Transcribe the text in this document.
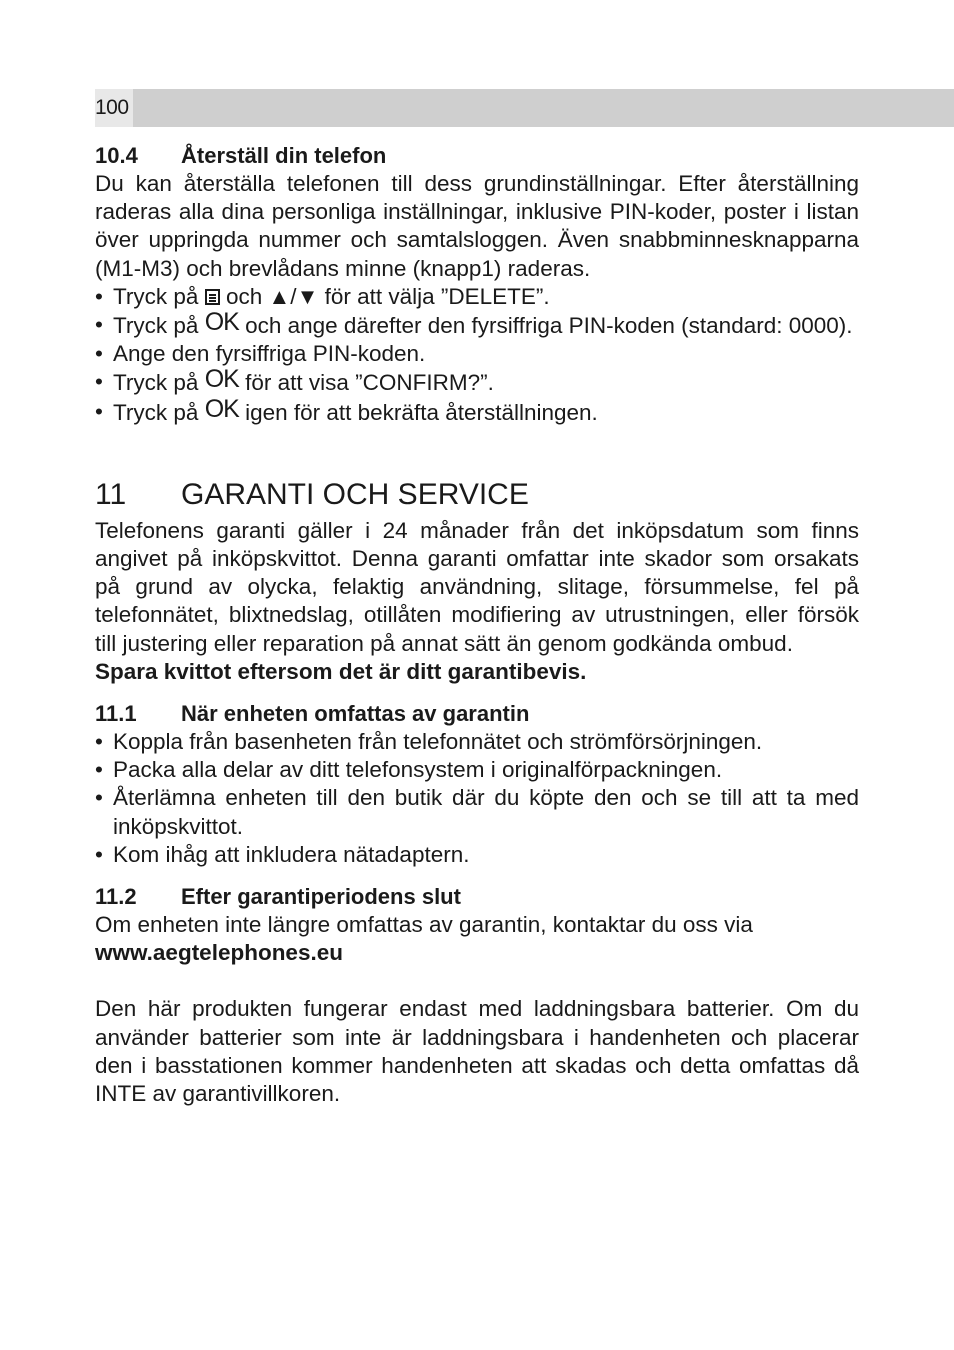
100
10.4	Återställ din telefon

Du kan återställa telefonen till dess grundinställningar. Efter återställning raderas alla dina personliga inställningar, inklusive PIN-koder, poster i listan över uppringda nummer och samtalsloggen. Även snabbminnesknapparna (M1-M3) och brevlådans minne (knapp1) raderas.

• Tryck på och ▲/▼ för att välja ”DELETE”.
• Tryck på OK och ange därefter den fyrsiffriga PIN-koden (standard: 0000).
• Ange den fyrsiffriga PIN-koden.
• Tryck på OK för att visa ”CONFIRM?”.
• Tryck på OK igen för att bekräfta återställningen.
11	GARANTI OCH SERVICE

Telefonens garanti gäller i 24 månader från det inköpsdatum som finns angivet på inköpskvittot. Denna garanti omfattar inte skador som orsakats på grund av olycka, felaktig användning, slitage, försummelse, fel på telefonnätet, blixtnedslag, otillåten modifiering av utrustningen, eller försök till justering eller reparation på annat sätt än genom godkända ombud.

Spara kvittot eftersom det är ditt garantibevis.

11.1	När enheten omfattas av garantin
• Koppla från basenheten från telefonnätet och strömförsörjningen.
• Packa alla delar av ditt telefonsystem i originalförpackningen.
• Återlämna enheten till den butik där du köpte den och se till att ta med inköpskvittot.
• Kom ihåg att inkludera nätadaptern.
11.2	Efter garantiperiodens slut

Om enheten inte längre omfattas av garantin, kontaktar du oss via

www.aegtelephones.eu

Den här produkten fungerar endast med laddningsbara batterier. Om du använder batterier som inte är laddningsbara i handenheten och placerar den i basstationen kommer handenheten att skadas och detta omfattas då INTE av garantivillkoren.
